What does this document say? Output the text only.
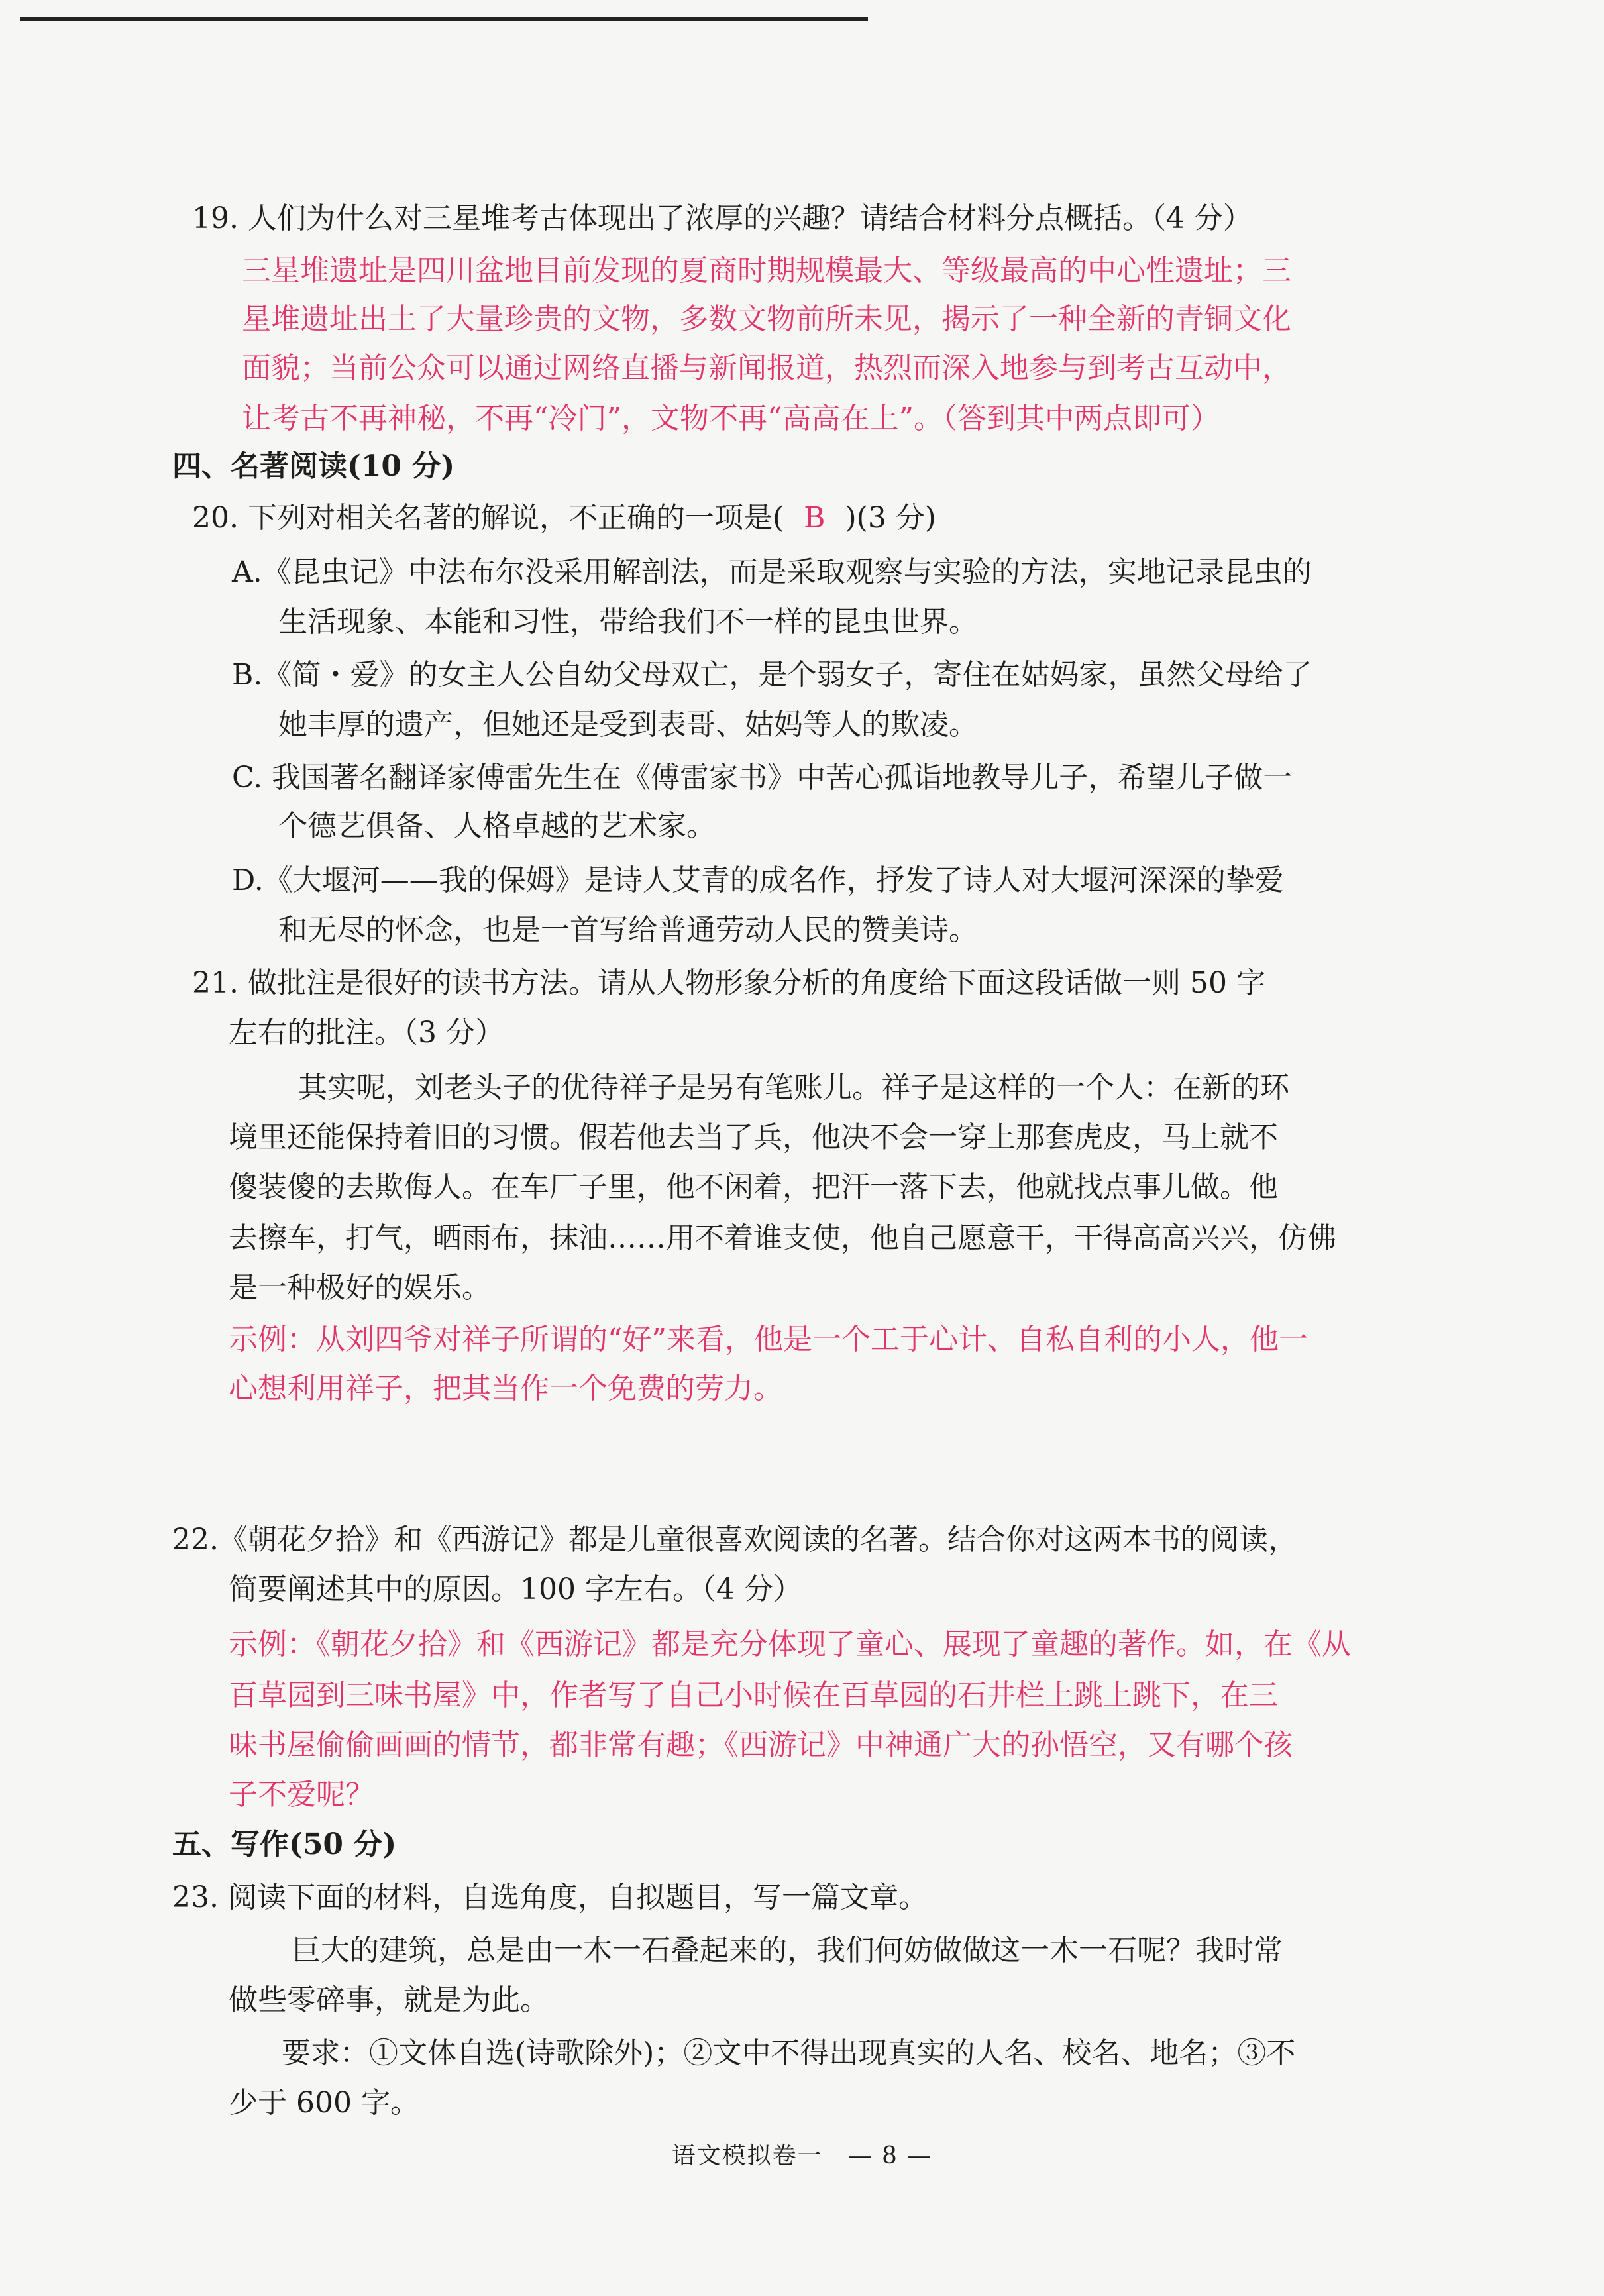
19. 人们为什么对三星堆考古体现出了浓厚的兴趣？请结合材料分点概括。（4 分）
三星堆遗址是四川盆地目前发现的夏商时期规模最大、等级最高的中心性遗址；三
星堆遗址出土了大量珍贵的文物，多数文物前所未见，揭示了一种全新的青铜文化
面貌；当前公众可以通过网络直播与新闻报道，热烈而深入地参与到考古互动中，
让考古不再神秘，不再“冷门”，文物不再“高高在上”。（答到其中两点即可）
四、名著阅读(10 分)
20. 下列对相关名著的解说，不正确的一项是( B )(3 分)
A.《昆虫记》中法布尔没采用解剖法，而是采取观察与实验的方法，实地记录昆虫的
生活现象、本能和习性，带给我们不一样的昆虫世界。
B.《简・爱》的女主人公自幼父母双亡，是个弱女子，寄住在姑妈家，虽然父母给了
她丰厚的遗产，但她还是受到表哥、姑妈等人的欺凌。
C. 我国著名翻译家傅雷先生在《傅雷家书》中苦心孤诣地教导儿子，希望儿子做一
个德艺俱备、人格卓越的艺术家。
D.《大堰河——我的保姆》是诗人艾青的成名作，抒发了诗人对大堰河深深的挚爱
和无尽的怀念，也是一首写给普通劳动人民的赞美诗。
21. 做批注是很好的读书方法。请从人物形象分析的角度给下面这段话做一则 50 字
左右的批注。（3 分）
其实呢，刘老头子的优待祥子是另有笔账儿。祥子是这样的一个人：在新的环
境里还能保持着旧的习惯。假若他去当了兵，他决不会一穿上那套虎皮，马上就不
傻装傻的去欺侮人。在车厂子里，他不闲着，把汗一落下去，他就找点事儿做。他
去擦车，打气，晒雨布，抹油……用不着谁支使，他自己愿意干，干得高高兴兴，仿佛
是一种极好的娱乐。
示例：从刘四爷对祥子所谓的“好”来看，他是一个工于心计、自私自利的小人，他一
心想利用祥子，把其当作一个免费的劳力。
22.《朝花夕拾》和《西游记》都是儿童很喜欢阅读的名著。结合你对这两本书的阅读，
简要阐述其中的原因。100 字左右。（4 分）
示例：《朝花夕拾》和《西游记》都是充分体现了童心、展现了童趣的著作。如，在《从
百草园到三味书屋》中，作者写了自己小时候在百草园的石井栏上跳上跳下，在三
味书屋偷偷画画的情节，都非常有趣；《西游记》中神通广大的孙悟空，又有哪个孩
子不爱呢？
五、写作(50 分)
23. 阅读下面的材料，自选角度，自拟题目，写一篇文章。
巨大的建筑，总是由一木一石叠起来的，我们何妨做做这一木一石呢？我时常
做些零碎事，就是为此。
要求：①文体自选(诗歌除外)；②文中不得出现真实的人名、校名、地名；③不
少于 600 字。
语文模拟卷一　— 8 —
